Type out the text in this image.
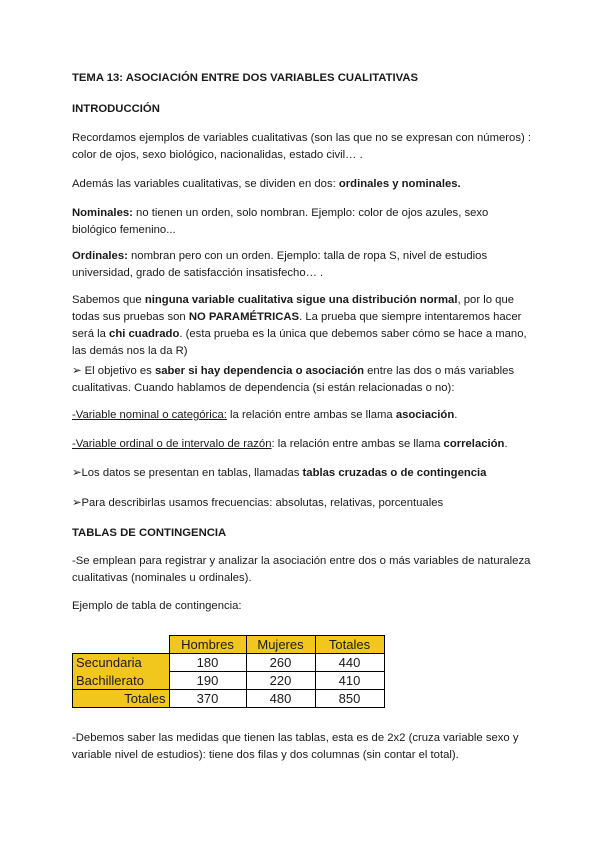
TEMA 13: ASOCIACIÓN ENTRE DOS VARIABLES CUALITATIVAS

INTRODUCCIÓN

Recordamos ejemplos de variables cualitativas (son las que no se expresan con números) : color de ojos, sexo biológico, nacionalidas, estado civil… .

Además las variables cualitativas, se dividen en dos: ordinales y nominales.

Nominales: no tienen un orden, solo nombran. Ejemplo: color de ojos azules, sexo biológico femenino...

Ordinales: nombran pero con un orden. Ejemplo: talla de ropa S, nivel de estudios universidad, grado de satisfacción insatisfecho… .

Sabemos que ninguna variable cualitativa sigue una distribución normal, por lo que todas sus pruebas son NO PARAMÉTRICAS. La prueba que siempre intentaremos hacer será la chi cuadrado. (esta prueba es la única que debemos saber cómo se hace a mano, las demás nos la da R)

➢ El objetivo es saber si hay dependencia o asociación entre las dos o más variables cualitativas. Cuando hablamos de dependencia (si están relacionadas o no):

-Variable nominal o categórica: la relación entre ambas se llama asociación.

-Variable ordinal o de intervalo de razón: la relación entre ambas se llama correlación.

➢Los datos se presentan en tablas, llamadas tablas cruzadas o de contingencia

➢Para describirlas usamos frecuencias: absolutas, relativas, porcentuales

TABLAS DE CONTINGENCIA

-Se emplean para registrar y analizar la asociación entre dos o más variables de naturaleza cualitativas (nominales u ordinales).

Ejemplo de tabla de contingencia:

	Hombres	Mujeres	Totales
Secundaria	180	260	440
Bachillerato	190	220	410
Totales	370	480	850

-Debemos saber las medidas que tienen las tablas, esta es de 2x2 (cruza variable sexo y variable nivel de estudios): tiene dos filas y dos columnas (sin contar el total).
